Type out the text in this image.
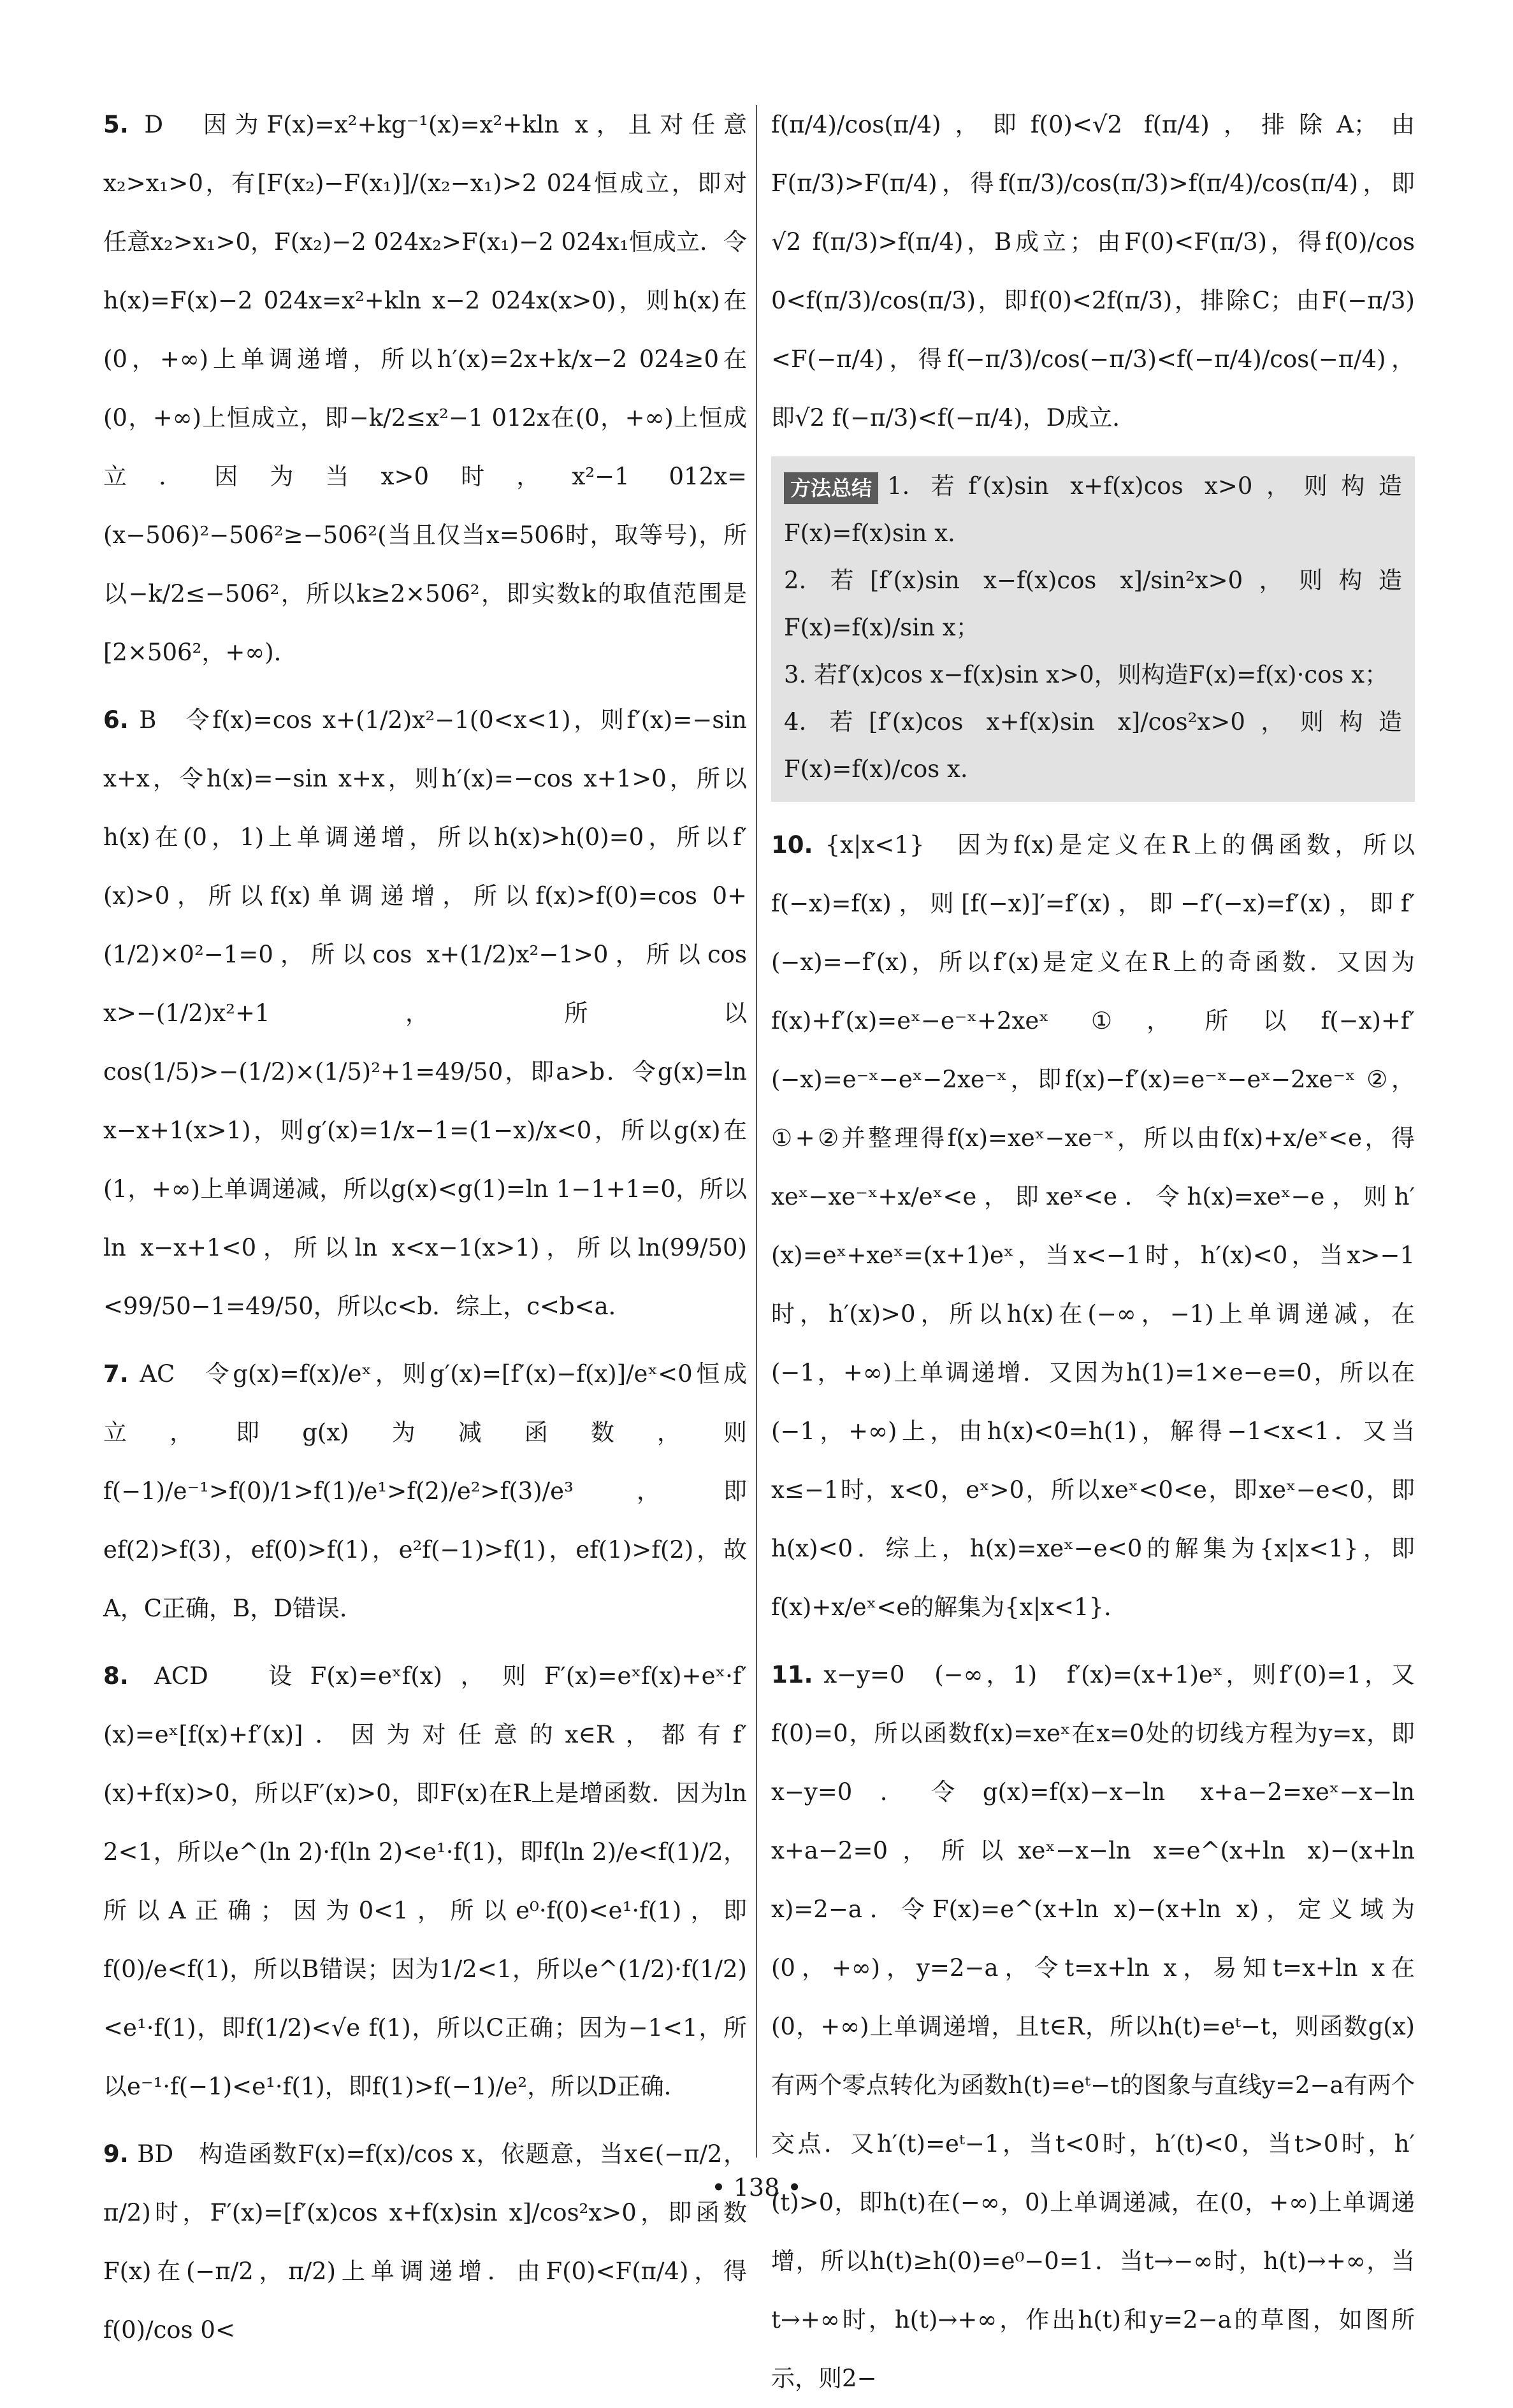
5. D　因为F(x)=x²+kg⁻¹(x)=x²+kln x，且对任意x₂>x₁>0，有[F(x₂)−F(x₁)]/(x₂−x₁)>2 024恒成立，即对任意x₂>x₁>0，F(x₂)−2 024x₂>F(x₁)−2 024x₁恒成立．令h(x)=F(x)−2 024x=x²+kln x−2 024x(x>0)，则h(x)在(0，+∞)上单调递增，所以h′(x)=2x+k/x−2 024≥0在(0，+∞)上恒成立，即−k/2≤x²−1 012x在(0，+∞)上恒成立．因为当x>0时，x²−1 012x=(x−506)²−506²≥−506²(当且仅当x=506时，取等号)，所以−k/2≤−506²，所以k≥2×506²，即实数k的取值范围是[2×506²，+∞)．

6. B　令f(x)=cos x+(1/2)x²−1(0<x<1)，则f′(x)=−sin x+x，令h(x)=−sin x+x，则h′(x)=−cos x+1>0，所以h(x)在(0，1)上单调递增，所以h(x)>h(0)=0，所以f′(x)>0，所以f(x)单调递增，所以f(x)>f(0)=cos 0+(1/2)×0²−1=0，所以cos x+(1/2)x²−1>0，所以cos x>−(1/2)x²+1，所以cos(1/5)>−(1/2)×(1/5)²+1=49/50，即a>b．令g(x)=ln x−x+1(x>1)，则g′(x)=1/x−1=(1−x)/x<0，所以g(x)在(1，+∞)上单调递减，所以g(x)<g(1)=ln 1−1+1=0，所以ln x−x+1<0，所以ln x<x−1(x>1)，所以ln(99/50)<99/50−1=49/50，所以c<b．综上，c<b<a．

7. AC　令g(x)=f(x)/eˣ，则g′(x)=[f′(x)−f(x)]/eˣ<0恒成立，即g(x)为减函数，则f(−1)/e⁻¹>f(0)/1>f(1)/e¹>f(2)/e²>f(3)/e³，即ef(2)>f(3)，ef(0)>f(1)，e²f(−1)>f(1)，ef(1)>f(2)，故A，C正确，B，D错误．

8. ACD　设F(x)=eˣf(x)，则F′(x)=eˣf(x)+eˣ·f′(x)=eˣ[f(x)+f′(x)]．因为对任意的x∈R，都有f′(x)+f(x)>0，所以F′(x)>0，即F(x)在R上是增函数．因为ln 2<1，所以e^(ln 2)·f(ln 2)<e¹·f(1)，即f(ln 2)/e<f(1)/2，所以A正确；因为0<1，所以e⁰·f(0)<e¹·f(1)，即f(0)/e<f(1)，所以B错误；因为1/2<1，所以e^(1/2)·f(1/2)<e¹·f(1)，即f(1/2)<√e f(1)，所以C正确；因为−1<1，所以e⁻¹·f(−1)<e¹·f(1)，即f(1)>f(−1)/e²，所以D正确．

9. BD　构造函数F(x)=f(x)/cos x，依题意，当x∈(−π/2，π/2)时，F′(x)=[f′(x)cos x+f(x)sin x]/cos²x>0，即函数F(x)在(−π/2，π/2)上单调递增．由F(0)<F(π/4)，得f(0)/cos 0<

f(π/4)/cos(π/4)，即f(0)<√2 f(π/4)，排除A；由F(π/3)>F(π/4)，得f(π/3)/cos(π/3)>f(π/4)/cos(π/4)，即√2 f(π/3)>f(π/4)，B成立；由F(0)<F(π/3)，得f(0)/cos 0<f(π/3)/cos(π/3)，即f(0)<2f(π/3)，排除C；由F(−π/3)<F(−π/4)，得f(−π/3)/cos(−π/3)<f(−π/4)/cos(−π/4)，即√2 f(−π/3)<f(−π/4)，D成立．

方法总结 1. 若f′(x)sin x+f(x)cos x>0，则构造F(x)=f(x)sin x．
2. 若[f′(x)sin x−f(x)cos x]/sin²x>0，则构造F(x)=f(x)/sin x；
3. 若f′(x)cos x−f(x)sin x>0，则构造F(x)=f(x)·cos x；
4. 若[f′(x)cos x+f(x)sin x]/cos²x>0，则构造F(x)=f(x)/cos x.

10. {x|x<1}　因为f(x)是定义在R上的偶函数，所以f(−x)=f(x)，则[f(−x)]′=f′(x)，即−f′(−x)=f′(x)，即f′(−x)=−f′(x)，所以f′(x)是定义在R上的奇函数．又因为f(x)+f′(x)=eˣ−e⁻ˣ+2xeˣ ①，所以f(−x)+f′(−x)=e⁻ˣ−eˣ−2xe⁻ˣ，即f(x)−f′(x)=e⁻ˣ−eˣ−2xe⁻ˣ ②，①+②并整理得f(x)=xeˣ−xe⁻ˣ，所以由f(x)+x/eˣ<e，得xeˣ−xe⁻ˣ+x/eˣ<e，即xeˣ<e．令h(x)=xeˣ−e，则h′(x)=eˣ+xeˣ=(x+1)eˣ，当x<−1时，h′(x)<0，当x>−1时，h′(x)>0，所以h(x)在(−∞，−1)上单调递减，在(−1，+∞)上单调递增．又因为h(1)=1×e−e=0，所以在(−1，+∞)上，由h(x)<0=h(1)，解得−1<x<1．又当x≤−1时，x<0，eˣ>0，所以xeˣ<0<e，即xeˣ−e<0，即h(x)<0．综上，h(x)=xeˣ−e<0的解集为{x|x<1}，即f(x)+x/eˣ<e的解集为{x|x<1}．

11. x−y=0　(−∞，1)　f′(x)=(x+1)eˣ，则f′(0)=1，又f(0)=0，所以函数f(x)=xeˣ在x=0处的切线方程为y=x，即x−y=0．令g(x)=f(x)−x−ln x+a−2=xeˣ−x−ln x+a−2=0，所以xeˣ−x−ln x=e^(x+ln x)−(x+ln x)=2−a．令F(x)=e^(x+ln x)−(x+ln x)，定义域为(0，+∞)，y=2−a，令t=x+ln x，易知t=x+ln x在(0，+∞)上单调递增，且t∈R，所以h(t)=eᵗ−t，则函数g(x)有两个零点转化为函数h(t)=eᵗ−t的图象与直线y=2−a有两个交点．又h′(t)=eᵗ−1，当t<0时，h′(t)<0，当t>0时，h′(t)>0，即h(t)在(−∞，0)上单调递减，在(0，+∞)上单调递增，所以h(t)≥h(0)=e⁰−0=1．当t→−∞时，h(t)→+∞，当t→+∞时，h(t)→+∞，作出h(t)和y=2−a的草图，如图所示，则2−

• 138 •
